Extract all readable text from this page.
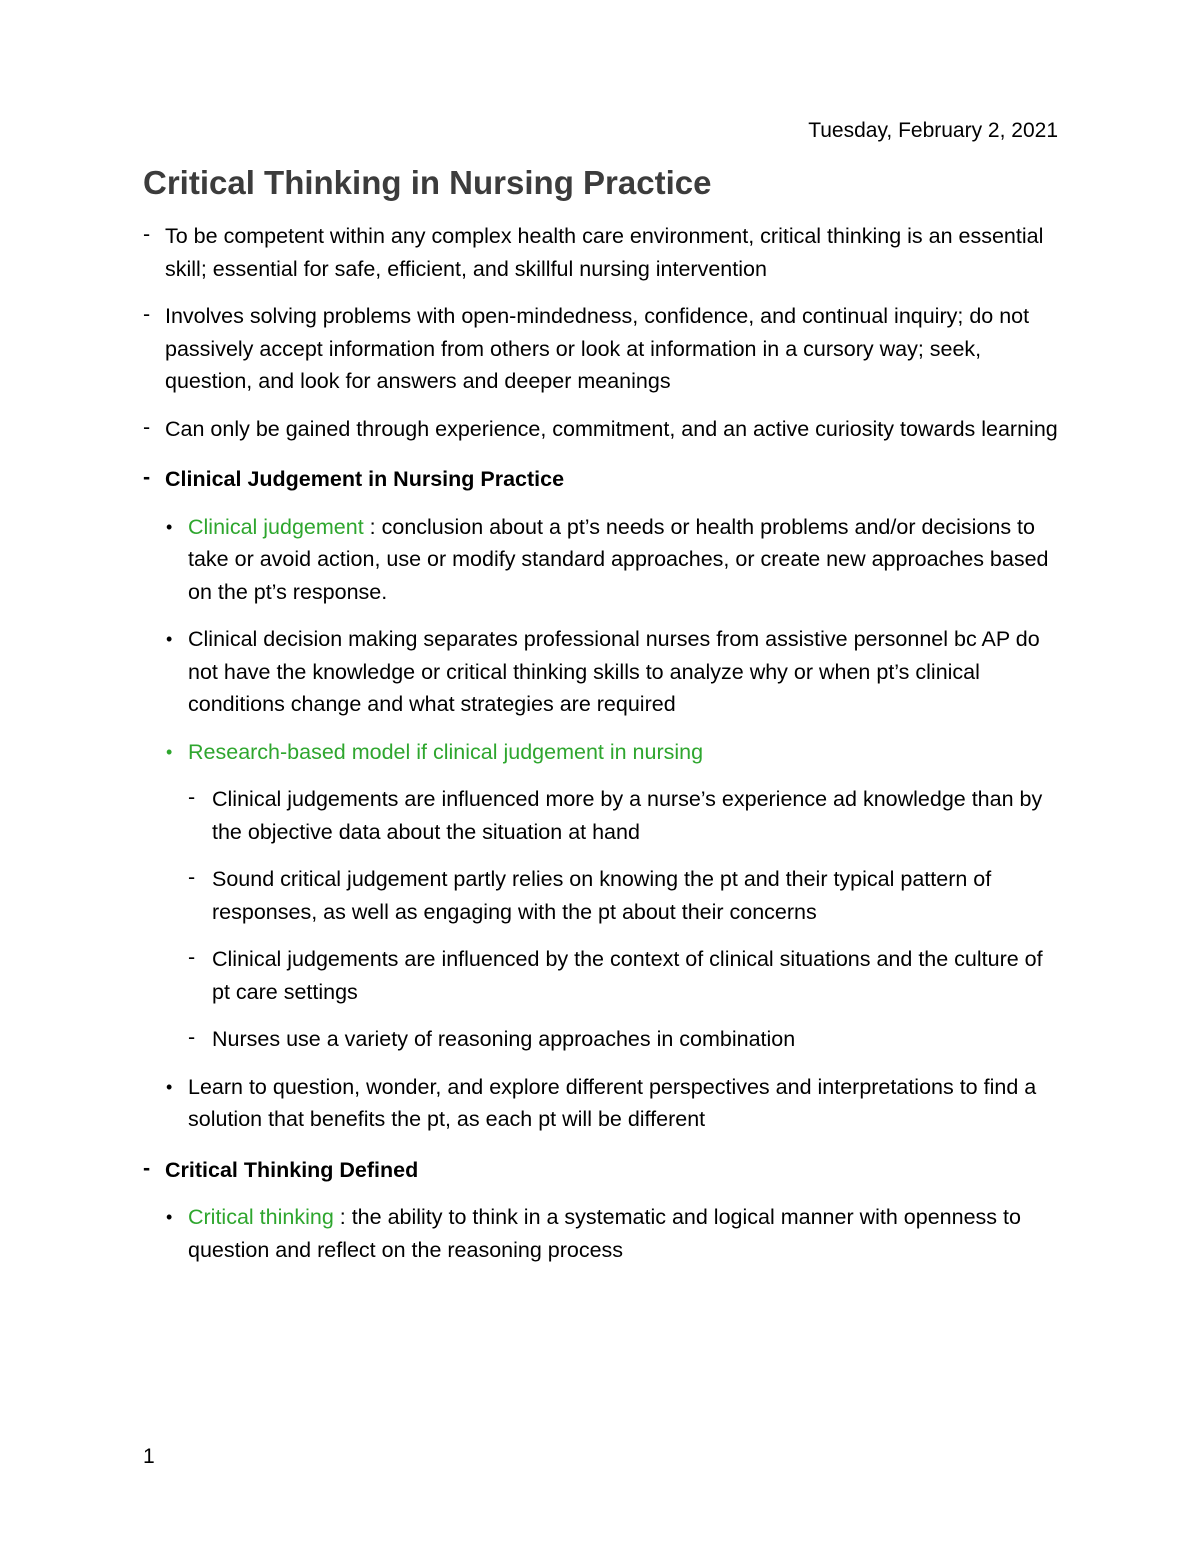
Tuesday, February 2, 2021
Critical Thinking in Nursing Practice
- To be competent within any complex health care environment, critical thinking is an essential skill; essential for safe, efficient, and skillful nursing intervention
- Involves solving problems with open-mindedness, confidence, and continual inquiry; do not passively accept information from others or look at information in a cursory way; seek, question, and look for answers and deeper meanings
- Can only be gained through experience, commitment, and an active curiosity towards learning
- Clinical Judgement in Nursing Practice
• Clinical judgement : conclusion about a pt’s needs or health problems and/or decisions to take or avoid action, use or modify standard approaches, or create new approaches based on the pt’s response.
• Clinical decision making separates professional nurses from assistive personnel bc AP do not have the knowledge or critical thinking skills to analyze why or when pt’s clinical conditions change and what strategies are required
• Research-based model if clinical judgement in nursing
- Clinical judgements are influenced more by a nurse’s experience ad knowledge than by the objective data about the situation at hand
- Sound critical judgement partly relies on knowing the pt and their typical pattern of responses, as well as engaging with the pt about their concerns
- Clinical judgements are influenced by the context of clinical situations and the culture of pt care settings
- Nurses use a variety of reasoning approaches in combination
• Learn to question, wonder, and explore different perspectives and interpretations to find a solution that benefits the pt, as each pt will be different
- Critical Thinking Defined
• Critical thinking : the ability to think in a systematic and logical manner with openness to question and reflect on the reasoning process
1
